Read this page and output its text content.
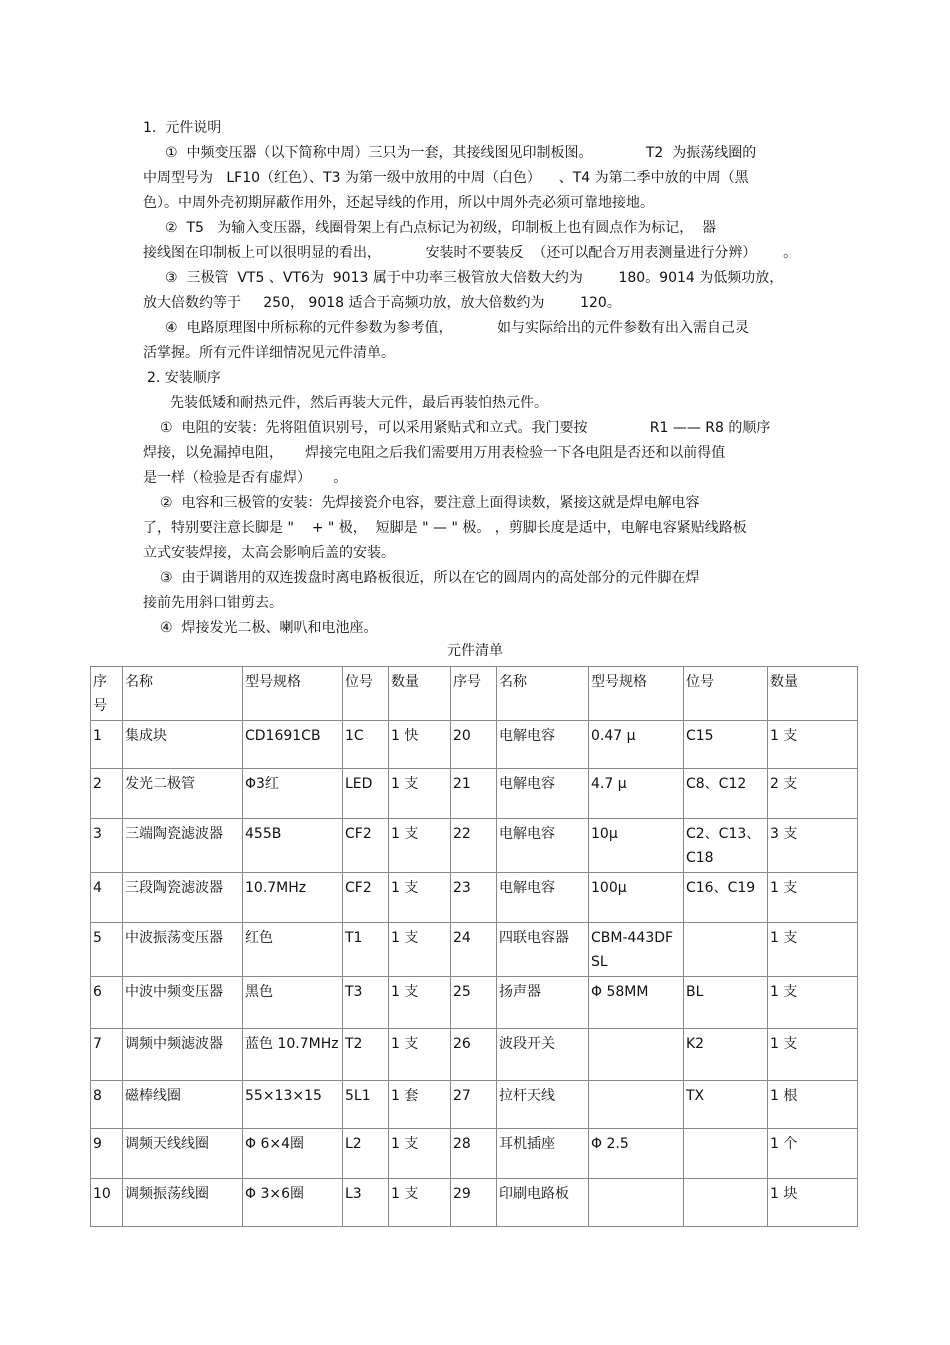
1.  元件说明
①  中频变压器（以下简称中周）三只为一套，其接线图见印制板图。            T2  为振荡线圈的
中周型号为   LF10（红色）、T3 为第一级中放用的中周（白色）    、T4 为第二季中放的中周（黑
色）。中周外壳初期屏蔽作用外，还起导线的作用，所以中周外壳必须可靠地接地。
②  T5   为输入变压器，线圈骨架上有凸点标记为初级，印制板上也有圆点作为标记，  器
接线图在印制板上可以很明显的看出，          安装时不要装反  （还可以配合万用表测量进行分辨）      。
③  三极管  VT5 、VT6为  9013 属于中功率三极管放大倍数大约为        180。9014 为低频功放，
放大倍数约等于     250， 9018 适合于高频功放，放大倍数约为        120。
④  电路原理图中所标称的元件参数为参考值，          如与实际给出的元件参数有出入需自己灵
活掌握。所有元件详细情况见元件清单。
2. 安装顺序
先装低矮和耐热元件，然后再装大元件，最后再装怕热元件。
①  电阻的安装：先将阻值识别号，可以采用紧贴式和立式。我门要按              R1 —— R8 的顺序
焊接，以免漏掉电阻，     焊接完电阻之后我们需要用万用表检验一下各电阻是否还和以前得值
是一样（检验是否有虚焊）     。
②  电容和三极管的安装：先焊接瓷介电容，要注意上面得读数，紧接这就是焊电解电容
了，特别要注意长脚是 "    + " 极，  短脚是 " — " 极。 ，剪脚长度是适中，电解电容紧贴线路板
立式安装焊接，太高会影响后盖的安装。
③  由于调谐用的双连拨盘时离电路板很近，所以在它的圆周内的高处部分的元件脚在焊
接前先用斜口钳剪去。
④  焊接发光二极、喇叭和电池座。
元件清单
序号	名称	型号规格	位号	数量	序号	名称	型号规格	位号	数量
1	集成块	CD1691CB	1C	1 快	20	电解电容	0.47 μ	C15	1 支
2	发光二极管	Φ3红	LED	1 支	21	电解电容	4.7 μ	C8、C12	2 支
3	三端陶瓷滤波器	455B	CF2	1 支	22	电解电容	10μ	C2、C13、C18	3 支
4	三段陶瓷滤波器	10.7MHz	CF2	1 支	23	电解电容	100μ	C16、C19	1 支
5	中波振荡变压器	红色	T1	1 支	24	四联电容器	CBM-443DF SL		1 支
6	中波中频变压器	黑色	T3	1 支	25	扬声器	Φ 58MM	BL	1 支
7	调频中频滤波器	蓝色 10.7MHz	T2	1 支	26	波段开关		K2	1 支
8	磁棒线圈	55×13×15	5L1	1 套	27	拉杆天线		TX	1 根
9	调频天线线圈	Φ 6×4圈	L2	1 支	28	耳机插座	Φ 2.5		1 个
10	调频振荡线圈	Φ 3×6圈	L3	1 支	29	印刷电路板			1 块
